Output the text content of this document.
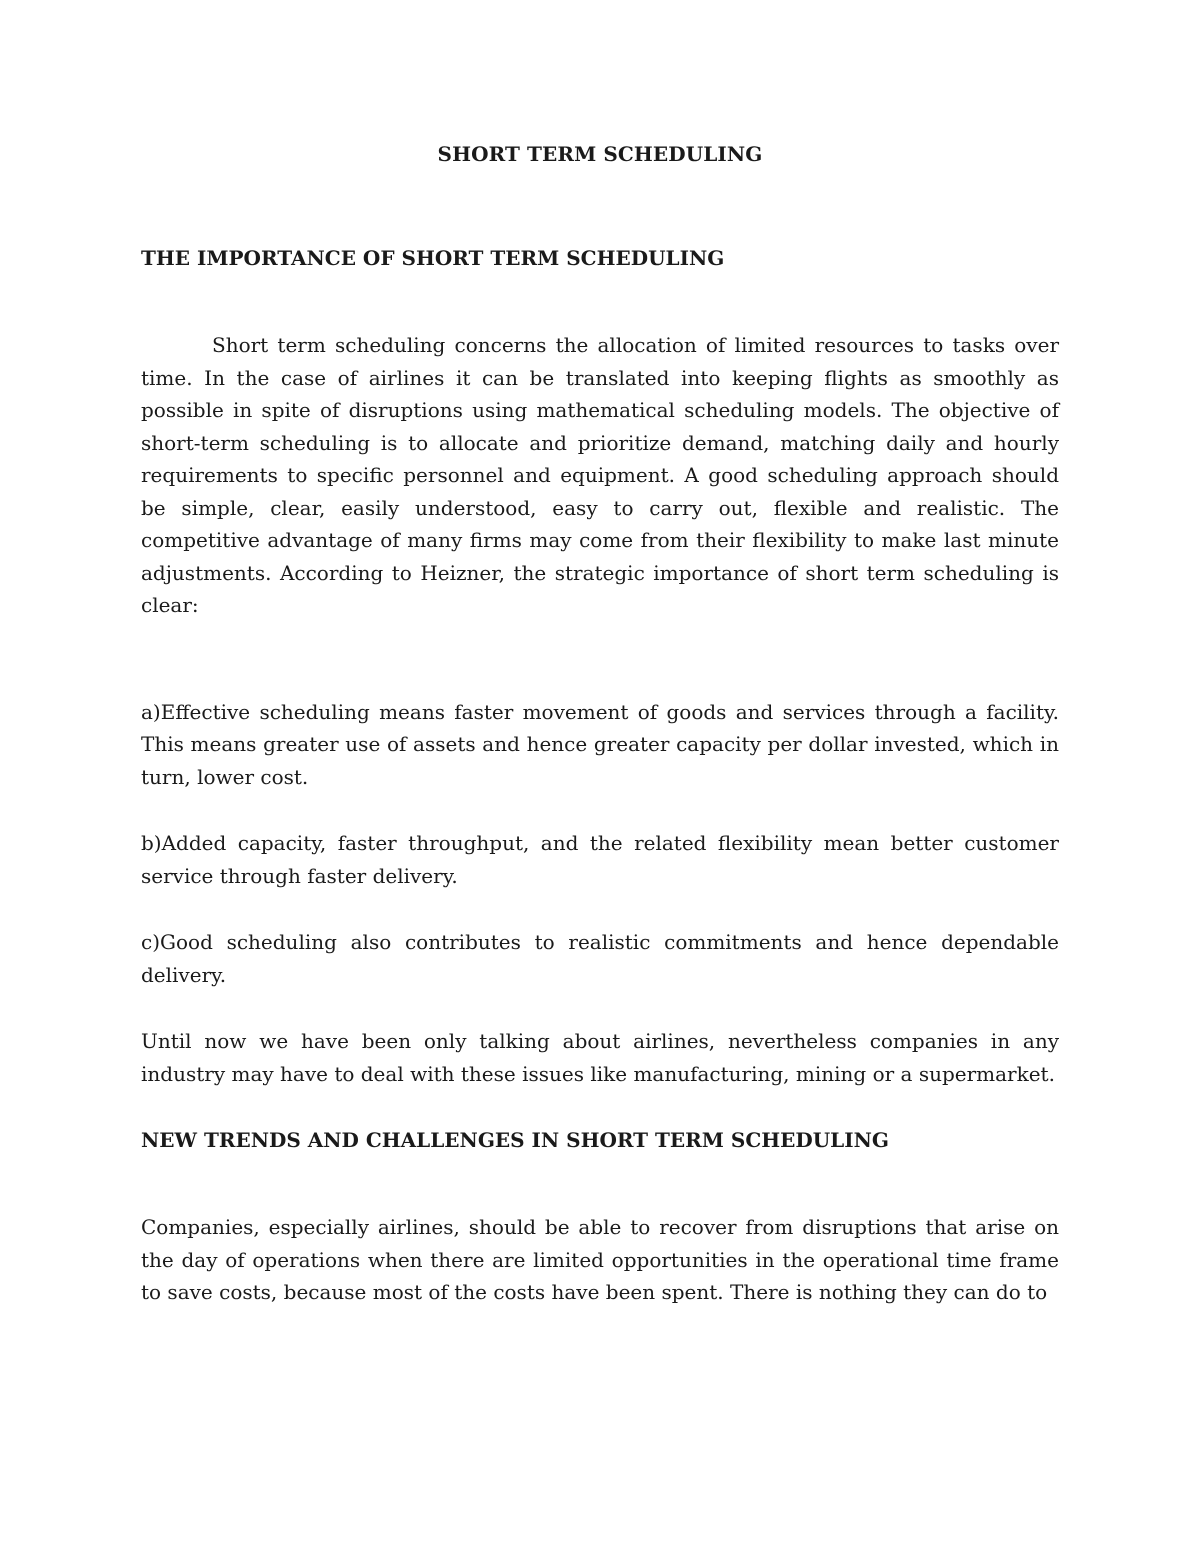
SHORT TERM SCHEDULING
THE IMPORTANCE OF SHORT TERM SCHEDULING

Short term scheduling concerns the allocation of limited resources to tasks over time. In the case of airlines it can be translated into keeping flights as smoothly as possible in spite of disruptions using mathematical scheduling models. The objective of short-term scheduling is to allocate and prioritize demand, matching daily and hourly requirements to specific personnel and equipment. A good scheduling approach should be simple, clear, easily understood, easy to carry out, flexible and realistic. The competitive advantage of many firms may come from their flexibility to make last minute adjustments. According to Heizner, the strategic importance of short term scheduling is clear:

a)Effective scheduling means faster movement of goods and services through a facility. This means greater use of assets and hence greater capacity per dollar invested, which in turn, lower cost.

b)Added capacity, faster throughput, and the related flexibility mean better customer service through faster delivery.

c)Good scheduling also contributes to realistic commitments and hence dependable delivery.

Until now we have been only talking about airlines, nevertheless companies in any industry may have to deal with these issues like manufacturing, mining or a supermarket.

NEW TRENDS AND CHALLENGES IN SHORT TERM SCHEDULING

Companies, especially airlines, should be able to recover from disruptions that arise on the day of operations when there are limited opportunities in the operational time frame to save costs, because most of the costs have been spent. There is nothing they can do to
